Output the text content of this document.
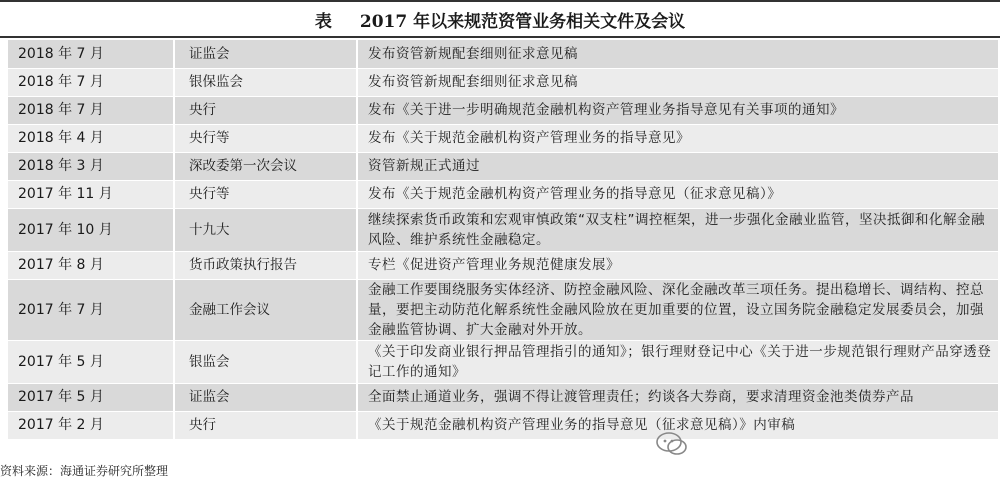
表 2017 年以来规范资管业务相关文件及会议
2018 年 7 月	证监会	发布资管新规配套细则征求意见稿
2018 年 7 月	银保监会	发布资管新规配套细则征求意见稿
2018 年 7 月	央行	发布《关于进一步明确规范金融机构资产管理业务指导意见有关事项的通知》
2018 年 4 月	央行等	发布《关于规范金融机构资产管理业务的指导意见》
2018 年 3 月	深改委第一次会议	资管新规正式通过
2017 年 11 月	央行等	发布《关于规范金融机构资产管理业务的指导意见（征求意见稿）》
2017 年 10 月	十九大	继续探索货币政策和宏观审慎政策“双支柱”调控框架，进一步强化金融业监管，坚决抵御和化解金融风险、维护系统性金融稳定。
2017 年 8 月	货币政策执行报告	专栏《促进资产管理业务规范健康发展》
2017 年 7 月	金融工作会议	金融工作要围绕服务实体经济、防控金融风险、深化金融改革三项任务。提出稳增长、调结构、控总量，要把主动防范化解系统性金融风险放在更加重要的位置，设立国务院金融稳定发展委员会，加强金融监管协调、扩大金融对外开放。
2017 年 5 月	银监会	《关于印发商业银行押品管理指引的通知》；银行理财登记中心《关于进一步规范银行理财产品穿透登记工作的通知》
2017 年 5 月	证监会	全面禁止通道业务，强调不得让渡管理责任；约谈各大券商，要求清理资金池类债券产品
2017 年 2 月	央行	《关于规范金融机构资产管理业务的指导意见（征求意见稿）》内审稿
资料来源：海通证券研究所整理
